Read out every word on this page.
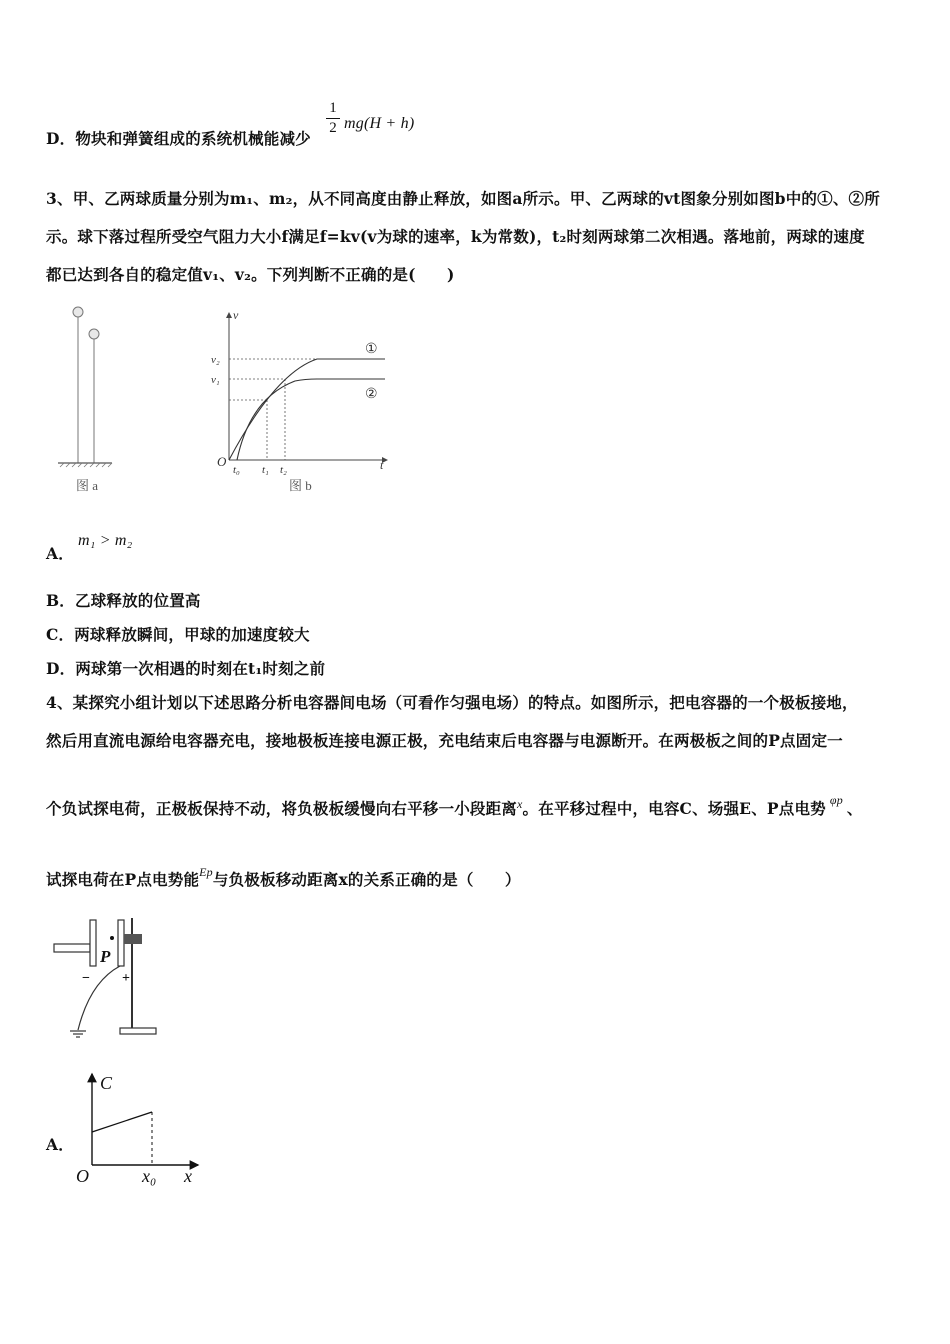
D．物块和弹簧组成的系统机械能减少
1
2 mg(H + h)
3、甲、乙两球质量分别为m₁、m₂，从不同高度由静止释放，如图a所示。甲、乙两球的vt图象分别如图b中的①、②所
示。球下落过程所受空气阻力大小f满足f=kv(v为球的速率，k为常数)，t₂时刻两球第二次相遇。落地前，两球的速度
都已达到各自的稳定值v₁、v₂。下列判断不正确的是(　　)
图 a
v
t
O
v₂
v₁
t₀ t₁ t₂
①
②
图 b
A．
m₁ > m₂
B．乙球释放的位置高
C．两球释放瞬间，甲球的加速度较大
D．两球第一次相遇的时刻在t₁时刻之前
4、某探究小组计划以下述思路分析电容器间电场（可看作匀强电场）的特点。如图所示，把电容器的一个极板接地，
然后用直流电源给电容器充电，接地极板连接电源正极，充电结束后电容器与电源断开。在两极板之间的P点固定一
个负试探电荷，正极板保持不动，将负极板缓慢向右平移一小段距离$^x$。在平移过程中，电容C、场强E、P点电势 $^{\varphi p}$ 、
试探电荷在P点电势能$^{Ep}$与负极板移动距离x的关系正确的是（　　）
P
− +
A．
C
x
O	x₀
